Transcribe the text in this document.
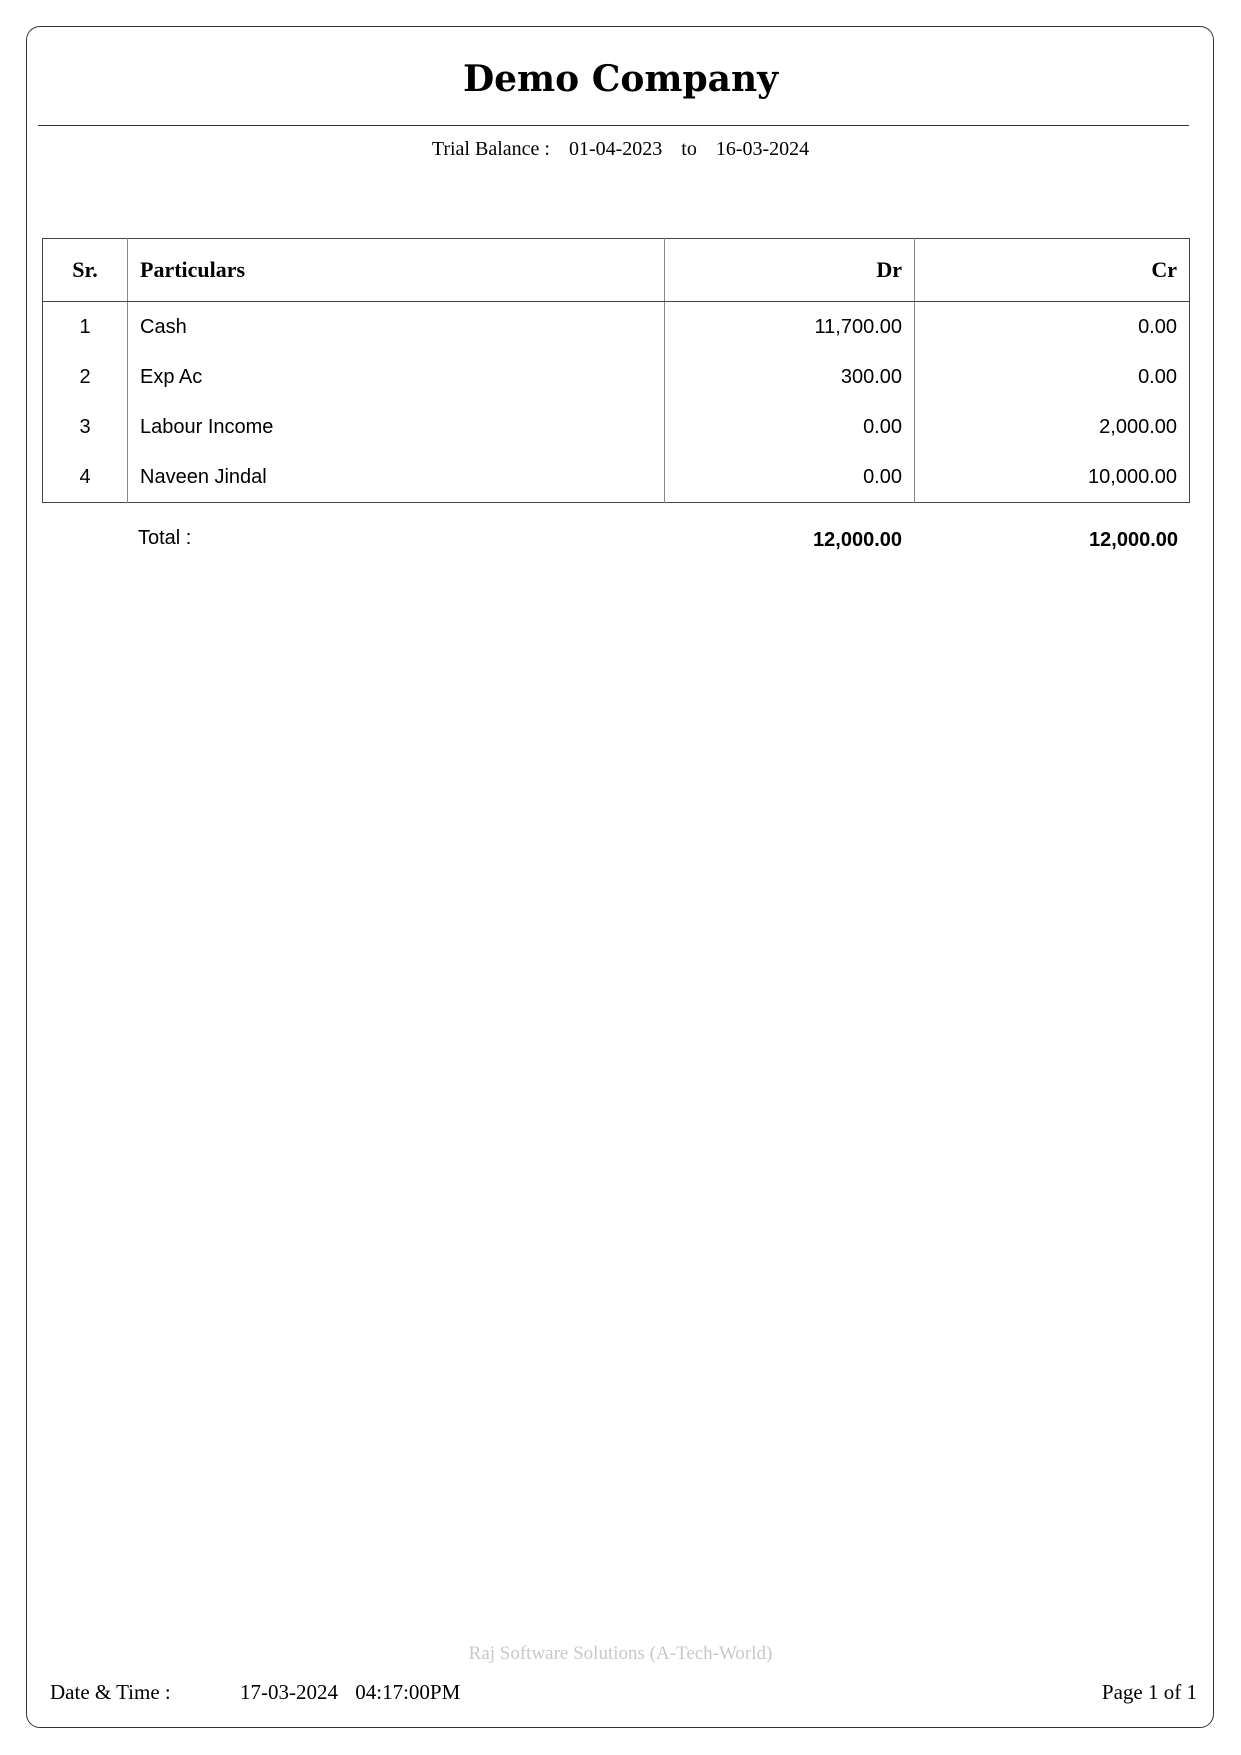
Demo Company
Trial Balance : 01-04-2023 to 16-03-2024
Sr.	Particulars	Dr	Cr
1	Cash	11,700.00	0.00
2	Exp Ac	300.00	0.00
3	Labour Income	0.00	2,000.00
4	Naveen Jindal	0.00	10,000.00
Total :	12,000.00	12,000.00
Raj Software Solutions (A-Tech-World)
Date & Time :	17-03-2024 04:17:00PM	Page 1 of 1
